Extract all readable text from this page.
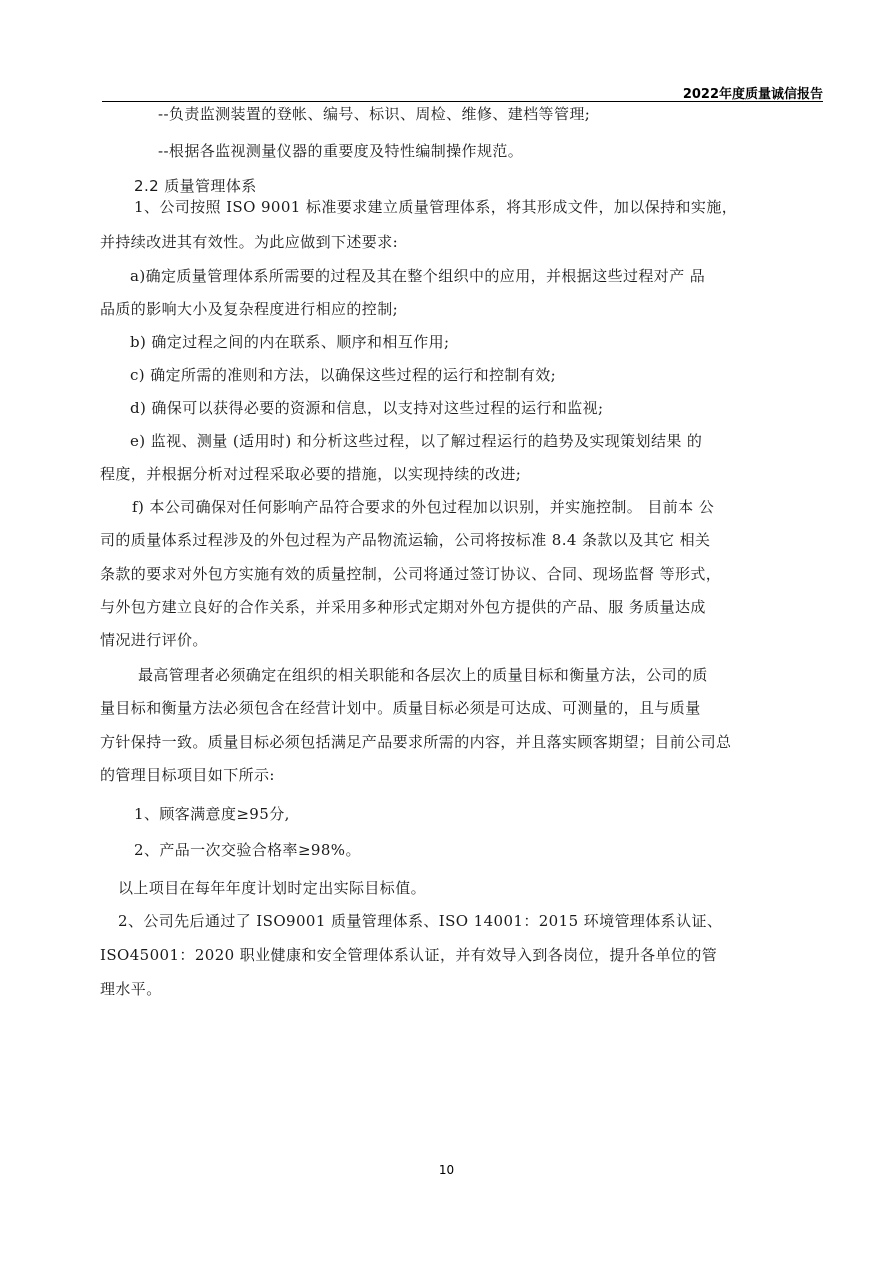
2022年度质量诚信报告
--负责监测装置的登帐、编号、标识、周检、维修、建档等管理;
--根据各监视测量仪器的重要度及特性编制操作规范。
2.2 质量管理体系
1、公司按照 ISO 9001 标准要求建立质量管理体系，将其形成文件，加以保持和实施，
并持续改进其有效性。为此应做到下述要求:
a)确定质量管理体系所需要的过程及其在整个组织中的应用，并根据这些过程对产 品
品质的影响大小及复杂程度进行相应的控制;
b) 确定过程之间的内在联系、顺序和相互作用;
c) 确定所需的准则和方法，以确保这些过程的运行和控制有效;
d) 确保可以获得必要的资源和信息，以支持对这些过程的运行和监视;
e) 监视、测量 (适用时) 和分析这些过程，以了解过程运行的趋势及实现策划结果 的
程度，并根据分析对过程采取必要的措施，以实现持续的改进;
f) 本公司确保对任何影响产品符合要求的外包过程加以识别，并实施控制。 目前本 公
司的质量体系过程涉及的外包过程为产品物流运输，公司将按标准 8.4 条款以及其它 相关
条款的要求对外包方实施有效的质量控制，公司将通过签订协议、合同、现场监督 等形式，
与外包方建立良好的合作关系，并采用多种形式定期对外包方提供的产品、服 务质量达成
情况进行评价。
最高管理者必须确定在组织的相关职能和各层次上的质量目标和衡量方法，公司的质
量目标和衡量方法必须包含在经营计划中。质量目标必须是可达成、可测量的，且与质量
方针保持一致。质量目标必须包括满足产品要求所需的内容，并且落实顾客期望；目前公司总
的管理目标项目如下所示:
1、顾客满意度≥95分,
2、产品一次交验合格率≥98%。
以上项目在每年年度计划时定出实际目标值。
2、公司先后通过了 ISO9001 质量管理体系、ISO 14001：2015 环境管理体系认证、
ISO45001：2020 职业健康和安全管理体系认证，并有效导入到各岗位，提升各单位的管
理水平。
10
